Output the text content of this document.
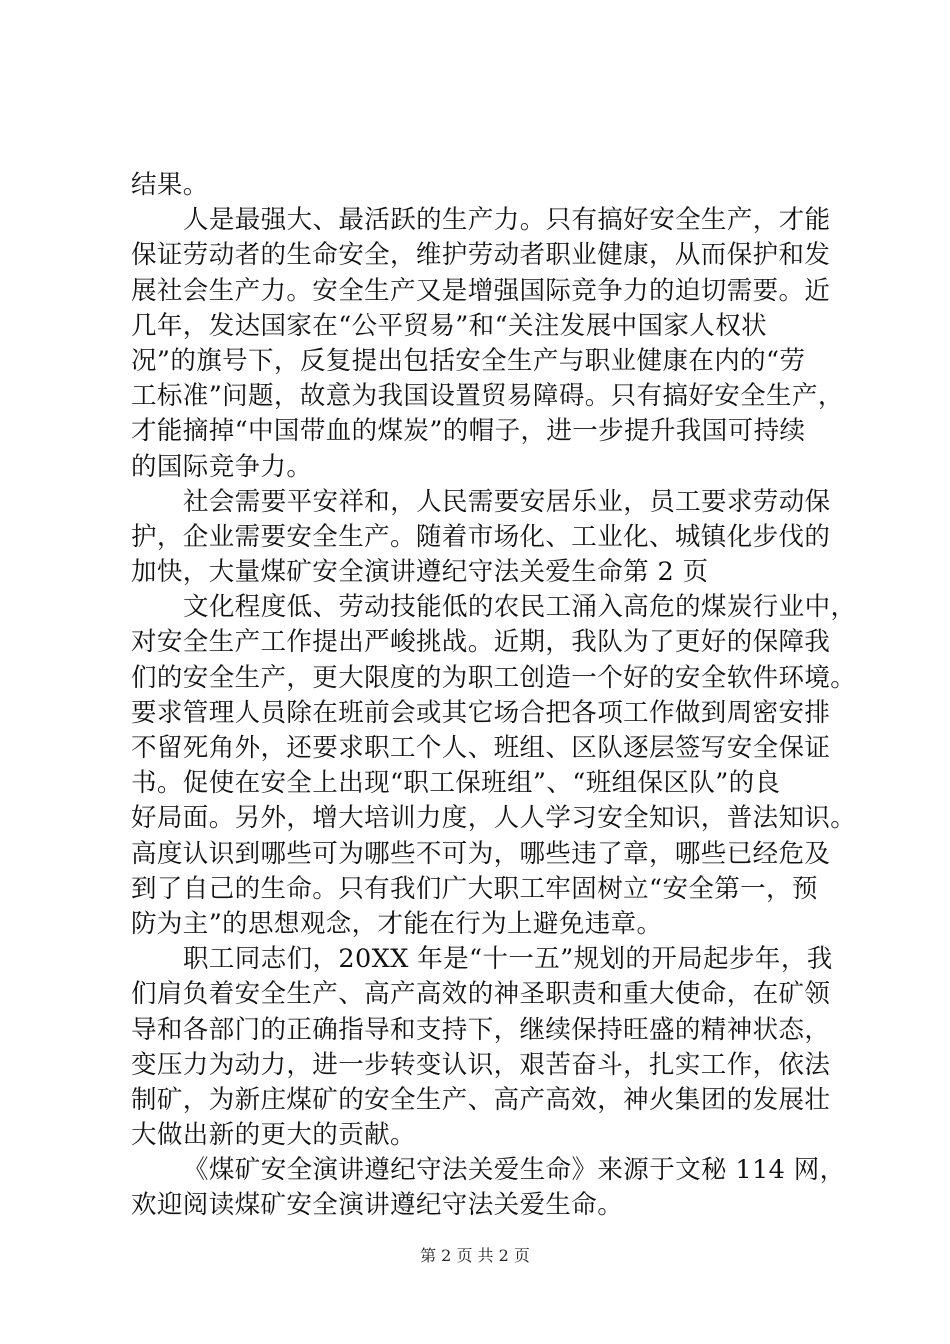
结果。
人是最强大、最活跃的生产力。只有搞好安全生产，才能
保证劳动者的生命安全，维护劳动者职业健康，从而保护和发
展社会生产力。安全生产又是增强国际竞争力的迫切需要。近
几年，发达国家在“公平贸易”和“关注发展中国家人权状
况”的旗号下，反复提出包括安全生产与职业健康在内的“劳
工标准”问题，故意为我国设置贸易障碍。只有搞好安全生产，
才能摘掉“中国带血的煤炭”的帽子，进一步提升我国可持续
的国际竞争力。
社会需要平安祥和，人民需要安居乐业，员工要求劳动保
护，企业需要安全生产。随着市场化、工业化、城镇化步伐的
加快，大量煤矿安全演讲遵纪守法关爱生命第 2 页
文化程度低、劳动技能低的农民工涌入高危的煤炭行业中，
对安全生产工作提出严峻挑战。近期，我队为了更好的保障我
们的安全生产，更大限度的为职工创造一个好的安全软件环境。
要求管理人员除在班前会或其它场合把各项工作做到周密安排
不留死角外，还要求职工个人、班组、区队逐层签写安全保证
书。促使在安全上出现“职工保班组”、“班组保区队”的良
好局面。另外，增大培训力度，人人学习安全知识，普法知识。
高度认识到哪些可为哪些不可为，哪些违了章，哪些已经危及
到了自己的生命。只有我们广大职工牢固树立“安全第一，预
防为主”的思想观念，才能在行为上避免违章。
职工同志们，20XX 年是“十一五”规划的开局起步年，我
们肩负着安全生产、高产高效的神圣职责和重大使命，在矿领
导和各部门的正确指导和支持下，继续保持旺盛的精神状态，
变压力为动力，进一步转变认识，艰苦奋斗，扎实工作，依法
制矿，为新庄煤矿的安全生产、高产高效，神火集团的发展壮
大做出新的更大的贡献。
《煤矿安全演讲遵纪守法关爱生命》来源于文秘 114 网，
欢迎阅读煤矿安全演讲遵纪守法关爱生命。
第 2 页 共 2 页
